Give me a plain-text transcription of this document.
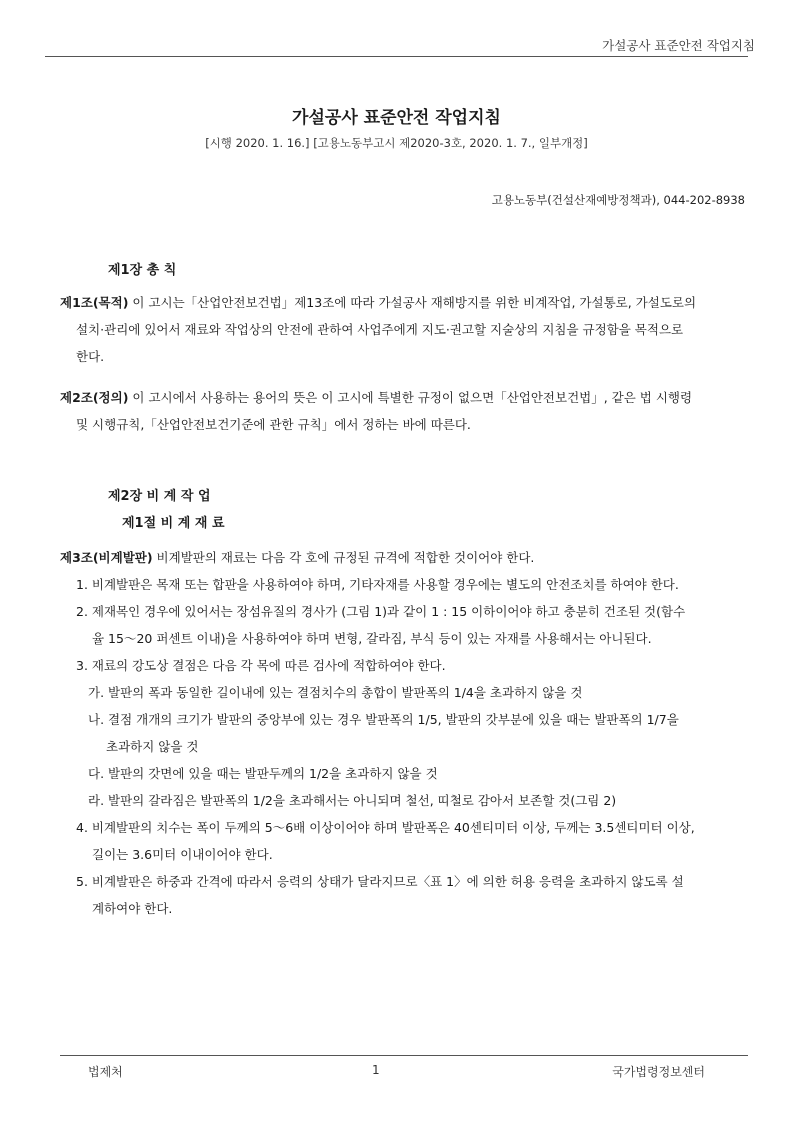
가설공사 표준안전 작업지침
가설공사 표준안전 작업지침
[시행 2020. 1. 16.] [고용노동부고시 제2020-3호, 2020. 1. 7., 일부개정]
고용노동부(건설산재예방정책과), 044-202-8938
제1장 총 칙
제1조(목적) 이 고시는「산업안전보건법」제13조에 따라 가설공사 재해방지를 위한 비계작업, 가설통로, 가설도로의
설치·관리에 있어서 재료와 작업상의 안전에 관하여 사업주에게 지도·권고할 지술상의 지침을 규정함을 목적으로
한다.
제2조(정의) 이 고시에서 사용하는 용어의 뜻은 이 고시에 특별한 규정이 없으면「산업안전보건법」, 같은 법 시행령
및 시행규칙,「산업안전보건기준에 관한 규칙」에서 정하는 바에 따른다.
제2장 비 계 작 업
제1절 비 계 재 료
제3조(비계발판) 비계발판의 재료는 다음 각 호에 규정된 규격에 적합한 것이어야 한다.
1. 비계발판은 목재 또는 합판을 사용하여야 하며, 기타자재를 사용할 경우에는 별도의 안전조치를 하여야 한다.
2. 제재목인 경우에 있어서는 장섬유질의 경사가 (그림 1)과 같이 1 : 15 이하이어야 하고 충분히 건조된 것(함수
율 15～20 퍼센트 이내)을 사용하여야 하며 변형, 갈라짐, 부식 등이 있는 자재를 사용해서는 아니된다.
3. 재료의 강도상 결점은 다음 각 목에 따른 검사에 적합하여야 한다.
가. 발판의 폭과 동일한 길이내에 있는 결점치수의 총합이 발판폭의 1/4을 초과하지 않을 것
나. 결점 개개의 크기가 발판의 중앙부에 있는 경우 발판폭의 1/5, 발판의 갓부분에 있을 때는 발판폭의 1/7을
초과하지 않을 것
다. 발판의 갓면에 있을 때는 발판두께의 1/2을 초과하지 않을 것
라. 발판의 갈라짐은 발판폭의 1/2을 초과해서는 아니되며 철선, 띠철로 감아서 보존할 것(그림 2)
4. 비계발판의 치수는 폭이 두께의 5～6배 이상이어야 하며 발판폭은 40센티미터 이상, 두께는 3.5센티미터 이상,
길이는 3.6미터 이내이어야 한다.
5. 비계발판은 하중과 간격에 따라서 응력의 상태가 달라지므로〈표 1〉에 의한 허용 응력을 초과하지 않도록 설
계하여야 한다.
법제처	1	국가법령정보센터
